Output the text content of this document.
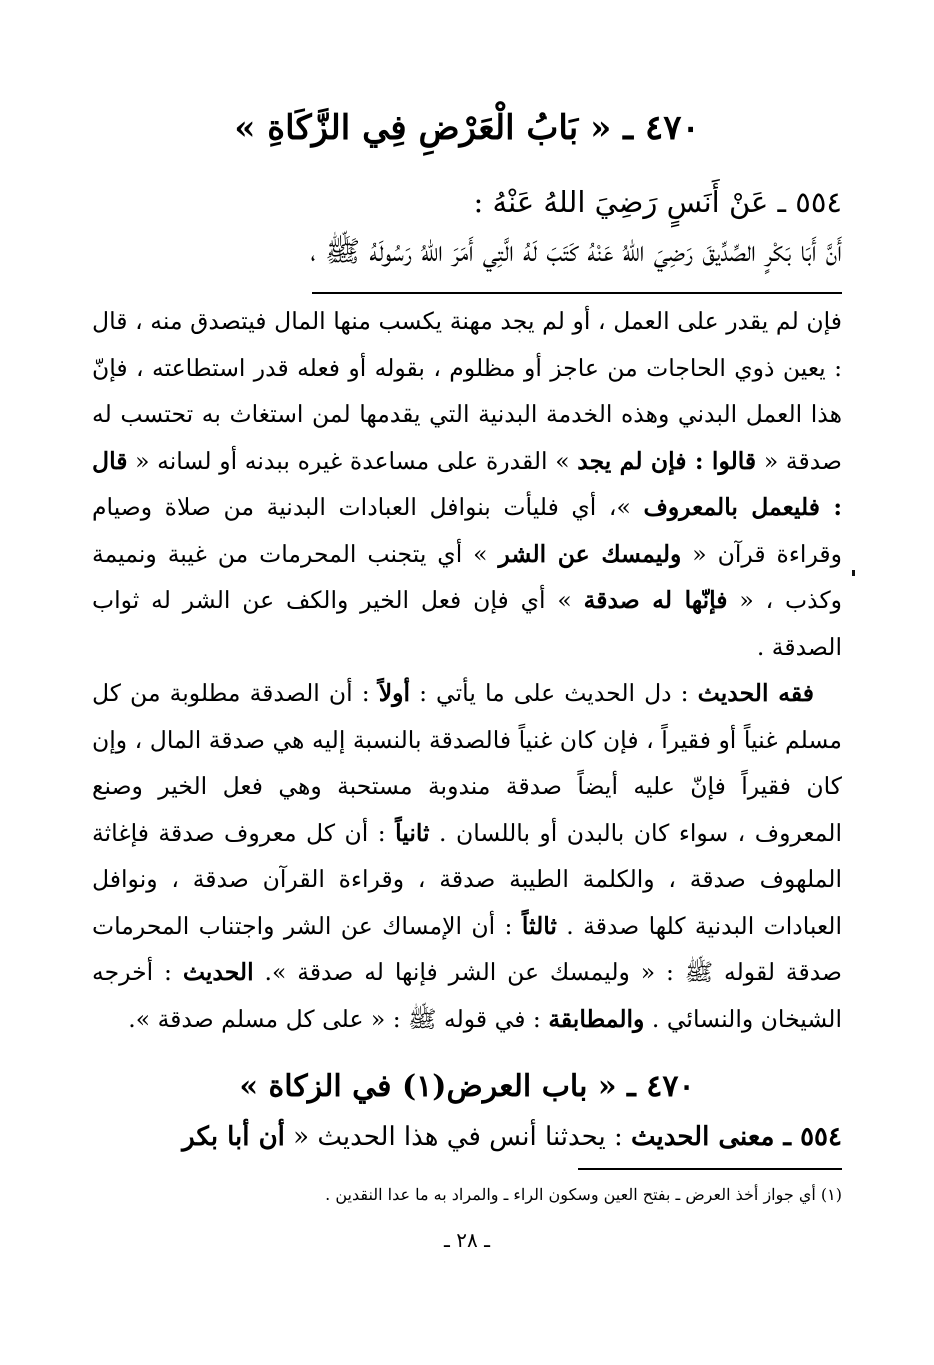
٤٧٠ ـ « بَابُ الْعَرْضِ فِي الزَّكَاةِ »
٥٥٤ ـ عَنْ أَنَسٍ رَضِيَ اللهُ عَنْهُ :
أَنَّ أَبَا بَكْرٍ الصِّدِّيقَ رَضِيَ اللهُ عَنْهُ كَتَبَ لَهُ الَّتِي أَمَرَ اللهُ رَسُولَهُ ﷺ ،

فإن لم يقدر على العمل ، أو لم يجد مهنة يكسب منها المال فيتصدق منه ، قال : يعين ذوي الحاجات من عاجز أو مظلوم ، بقوله أو فعله قدر استطاعته ، فإنّ هذا العمل البدني وهذه الخدمة البدنية التي يقدمها لمن استغاث به تحتسب له صدقة « قالوا : فإن لم يجد » القدرة على مساعدة غيره ببدنه أو لسانه « قال : فليعمل بالمعروف »، أي فليأت بنوافل العبادات البدنية من صلاة وصيام وقراءة قرآن « وليمسك عن الشر » أي يتجنب المحرمات من غيبة ونميمة وكذب ، « فإنّها له صدقة » أي فإن فعل الخير والكف عن الشر له ثواب الصدقة .

فقه الحديث : دل الحديث على ما يأتي : أولاً : أن الصدقة مطلوبة من كل مسلم غنياً أو فقيراً ، فإن كان غنياً فالصدقة بالنسبة إليه هي صدقة المال ، وإن كان فقيراً فإنّ عليه أيضاً صدقة مندوبة مستحبة وهي فعل الخير وصنع المعروف ، سواء كان بالبدن أو باللسان . ثانياً : أن كل معروف صدقة فإغاثة الملهوف صدقة ، والكلمة الطيبة صدقة ، وقراءة القرآن صدقة ، ونوافل العبادات البدنية كلها صدقة . ثالثاً : أن الإمساك عن الشر واجتناب المحرمات صدقة لقوله ﷺ : « وليمسك عن الشر فإنها له صدقة ». الحديث : أخرجه الشيخان والنسائي . والمطابقة : في قوله ﷺ : « على كل مسلم صدقة ».

٤٧٠ ـ « باب العرض(١) في الزكاة »
٥٥٤ ـ معنى الحديث : يحدثنا أنس في هذا الحديث « أن أبا بكر
(١) أي جواز أخذ العرض ـ بفتح العين وسكون الراء ـ والمراد به ما عدا النقدين .
ـ ٢٨ ـ
